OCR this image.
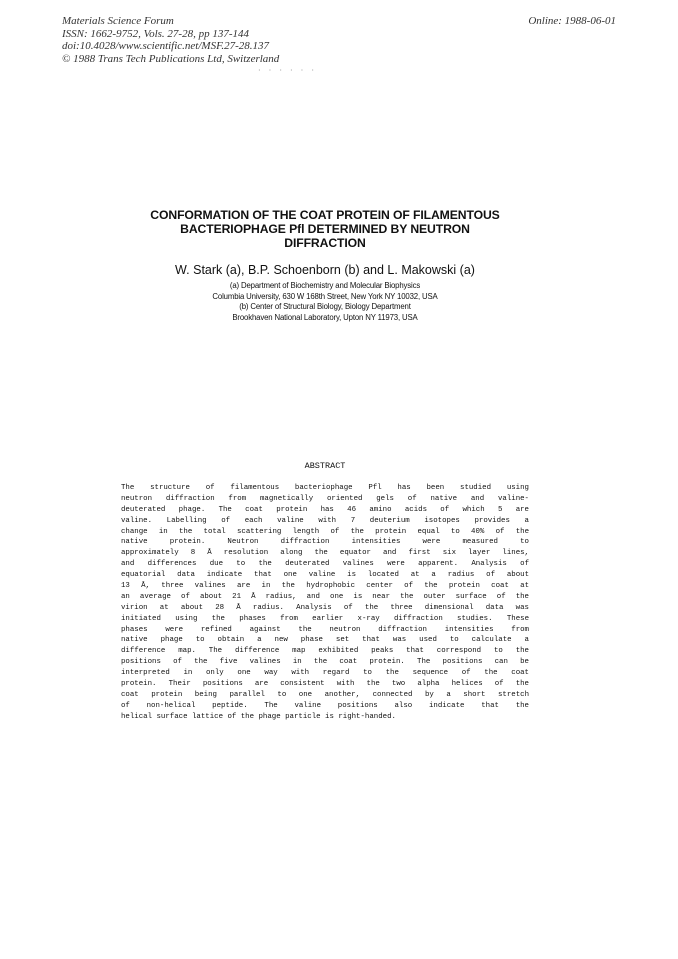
Materials Science Forum
ISSN: 1662-9752, Vols. 27-28, pp 137-144
doi:10.4028/www.scientific.net/MSF.27-28.137
© 1988 Trans Tech Publications Ltd, Switzerland
Online: 1988-06-01
· · · · · ·
CONFORMATION OF THE COAT PROTEIN OF FILAMENTOUS
BACTERIOPHAGE Pfl DETERMINED BY NEUTRON
DIFFRACTION
W. Stark (a), B.P. Schoenborn (b) and L. Makowski (a)
(a) Department of Biochemistry and Molecular Biophysics
Columbia University, 630 W 168th Street, New York NY 10032, USA
(b) Center of Structural Biology, Biology Department
Brookhaven National Laboratory, Upton NY 11973, USA
ABSTRACT
The structure of filamentous bacteriophage Pfl has been studied using
neutron diffraction from magnetically oriented gels of native and valine-
deuterated phage. The coat protein has 46 amino acids of which 5 are
valine. Labelling of each valine with 7 deuterium isotopes provides a
change in the total scattering length of the protein equal to 40% of the
native protein. Neutron diffraction intensities were measured to
approximately 8 Å resolution along the equator and first six layer lines,
and differences due to the deuterated valines were apparent. Analysis of
equatorial data indicate that one valine is located at a radius of about
13 Å, three valines are in the hydrophobic center of the protein coat at
an average of about 21 Å radius, and one is near the outer surface of the
virion at about 28 Å radius. Analysis of the three dimensional data was
initiated using the phases from earlier x-ray diffraction studies. These
phases were refined against the neutron diffraction intensities from
native phage to obtain a new phase set that was used to calculate a
difference map. The difference map exhibited peaks that correspond to the
positions of the five valines in the coat protein. The positions can be
interpreted in only one way with regard to the sequence of the coat
protein. Their positions are consistent with the two alpha helices of the
coat protein being parallel to one another, connected by a short stretch
of non-helical peptide. The valine positions also indicate that the
helical surface lattice of the phage particle is right-handed.
